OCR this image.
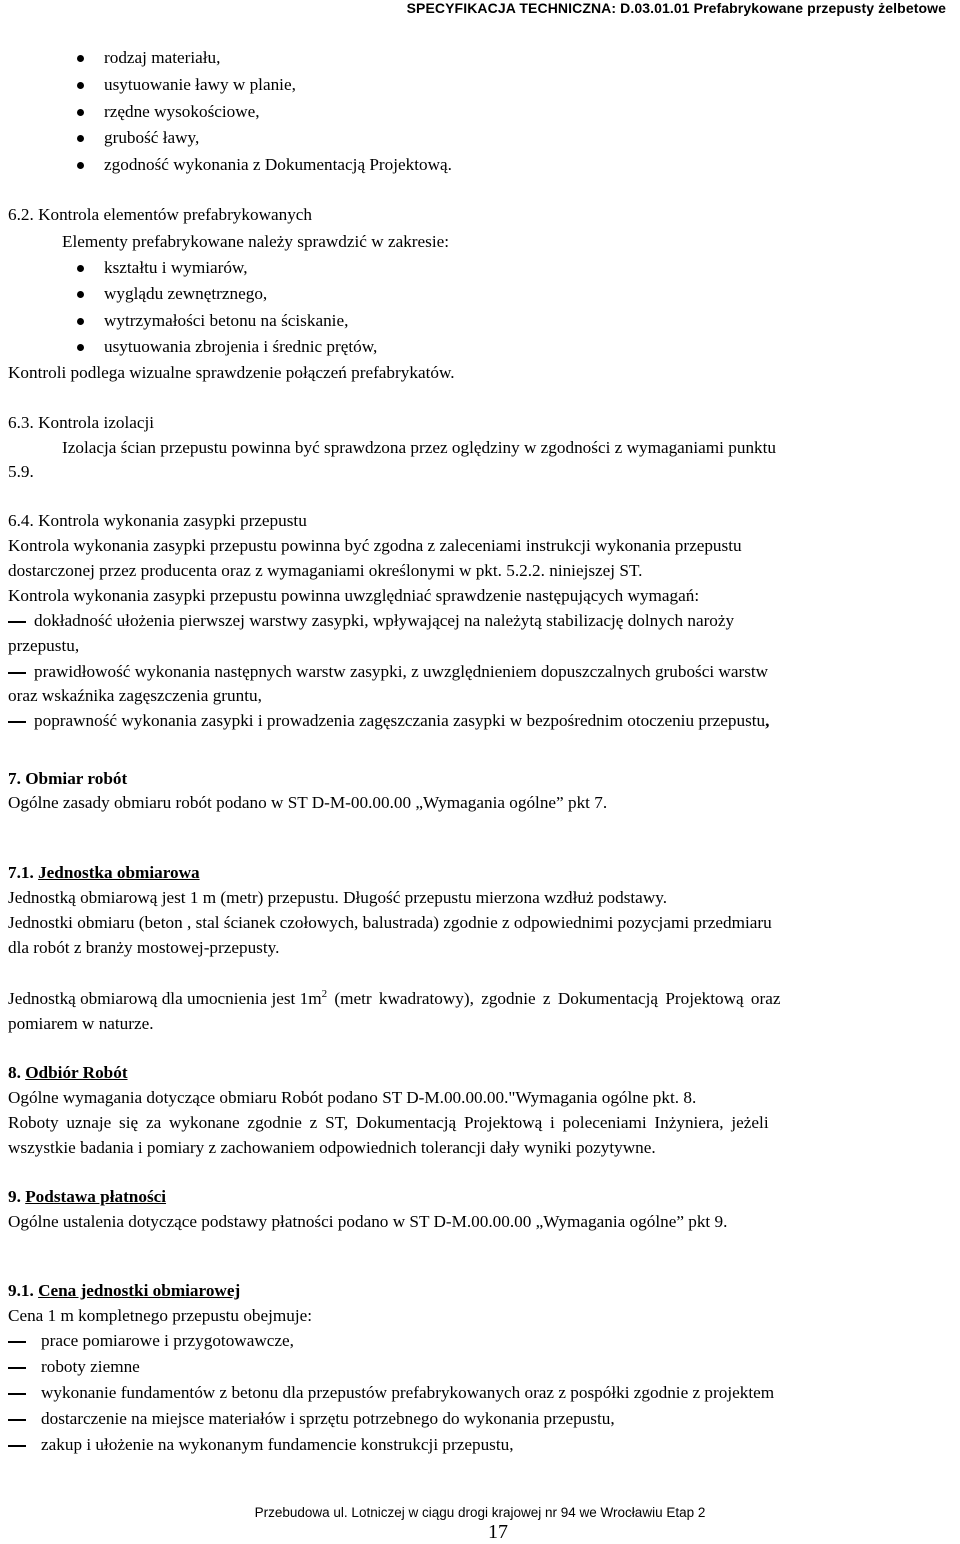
SPECYFIKACJA TECHNICZNA: D.03.01.01 Prefabrykowane przepusty żelbetowe
rodzaj materiału,
usytuowanie ławy w planie,
rzędne wysokościowe,
grubość ławy,
zgodność wykonania z Dokumentacją Projektową.
6.2. Kontrola elementów prefabrykowanych
Elementy prefabrykowane należy sprawdzić w zakresie:
kształtu i wymiarów,
wyglądu zewnętrznego,
wytrzymałości betonu na ściskanie,
usytuowania zbrojenia i średnic prętów,
Kontroli podlega wizualne sprawdzenie połączeń prefabrykatów.
6.3. Kontrola izolacji
Izolacja ścian przepustu powinna być sprawdzona przez oględziny w zgodności z wymaganiami punktu
5.9.
6.4. Kontrola wykonania zasypki przepustu
Kontrola wykonania zasypki przepustu powinna być zgodna z zaleceniami instrukcji wykonania przepustu
dostarczonej przez producenta oraz z wymaganiami określonymi w pkt. 5.2.2. niniejszej ST.
Kontrola wykonania zasypki przepustu powinna uwzględniać sprawdzenie następujących wymagań:
dokładność ułożenia pierwszej warstwy zasypki, wpływającej na należytą stabilizację dolnych naroży
przepustu,
prawidłowość wykonania następnych warstw zasypki, z uwzględnieniem dopuszczalnych grubości warstw
oraz wskaźnika zagęszczenia gruntu,
poprawność wykonania zasypki i prowadzenia zagęszczania zasypki w bezpośrednim otoczeniu przepustu,
7. Obmiar robót
Ogólne zasady obmiaru robót podano w ST D-M-00.00.00 „Wymagania ogólne” pkt 7.
7.1. Jednostka obmiarowa
Jednostką obmiarową jest 1 m (metr) przepustu. Długość przepustu mierzona wzdłuż podstawy.
Jednostki obmiaru (beton , stal ścianek czołowych, balustrada) zgodnie z odpowiednimi pozycjami przedmiaru
dla robót z branży mostowej-przepusty.
Jednostką obmiarową dla umocnienia jest $1m^2$ (metr kwadratowy), zgodnie z Dokumentacją Projektową oraz
pomiarem w naturze.
8. Odbiór Robót
Ogólne wymagania dotyczące obmiaru Robót podano ST D-M.00.00.00."Wymagania ogólne pkt. 8.
Roboty uznaje się za wykonane zgodnie z ST, Dokumentacją Projektową i poleceniami Inżyniera, jeżeli
wszystkie badania i pomiary z zachowaniem odpowiednich tolerancji dały wyniki pozytywne.
9. Podstawa płatności
Ogólne ustalenia dotyczące podstawy płatności podano w ST D-M.00.00.00 „Wymagania ogólne” pkt 9.
9.1. Cena jednostki obmiarowej
Cena 1 m kompletnego przepustu obejmuje:
prace pomiarowe i przygotowawcze,
roboty ziemne
wykonanie fundamentów z betonu dla przepustów prefabrykowanych oraz z pospółki zgodnie z projektem
dostarczenie na miejsce materiałów i sprzętu potrzebnego do wykonania przepustu,
zakup i ułożenie na wykonanym fundamencie konstrukcji przepustu,
Przebudowa ul. Lotniczej w ciągu drogi krajowej nr 94 we Wrocławiu Etap 2
17
